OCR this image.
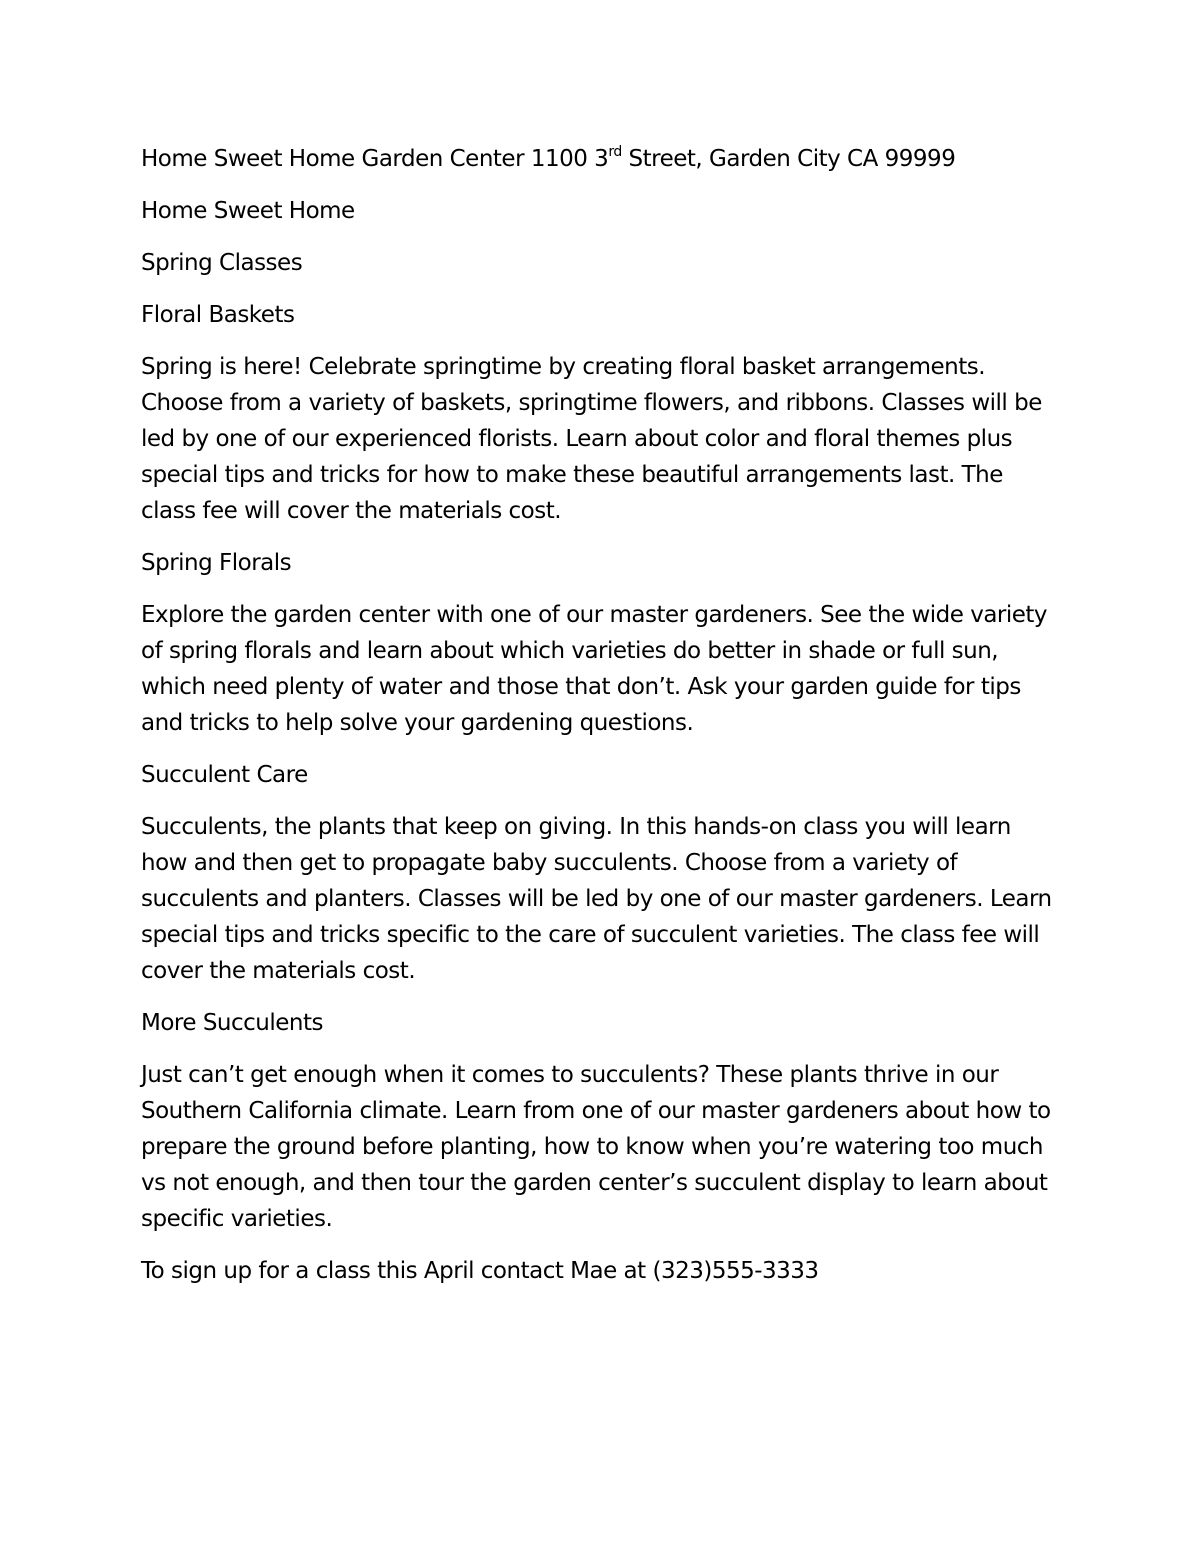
Home Sweet Home Garden Center 1100 3rd Street, Garden City CA 99999

Home Sweet Home

Spring Classes

Floral Baskets

Spring is here! Celebrate springtime by creating floral basket arrangements. Choose from a variety of baskets, springtime flowers, and ribbons. Classes will be led by one of our experienced florists. Learn about color and floral themes plus special tips and tricks for how to make these beautiful arrangements last. The class fee will cover the materials cost.

Spring Florals

Explore the garden center with one of our master gardeners. See the wide variety of spring florals and learn about which varieties do better in shade or full sun, which need plenty of water and those that don’t. Ask your garden guide for tips and tricks to help solve your gardening questions.

Succulent Care

Succulents, the plants that keep on giving. In this hands-on class you will learn how and then get to propagate baby succulents. Choose from a variety of succulents and planters. Classes will be led by one of our master gardeners. Learn special tips and tricks specific to the care of succulent varieties. The class fee will cover the materials cost.

More Succulents

Just can’t get enough when it comes to succulents? These plants thrive in our Southern California climate. Learn from one of our master gardeners about how to prepare the ground before planting, how to know when you’re watering too much vs not enough, and then tour the garden center’s succulent display to learn about specific varieties.

To sign up for a class this April contact Mae at (323)555-3333
